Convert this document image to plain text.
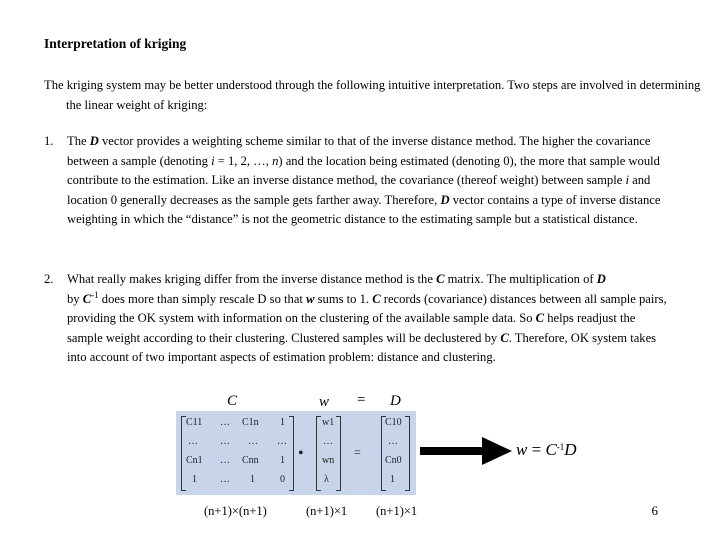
Interpretation of kriging
The kriging system may be better understood through the following intuitive interpretation. Two steps are involved in determining the linear weight of kriging:
1. The D vector provides a weighting scheme similar to that of the inverse distance method. The higher the covariance between a sample (denoting i = 1, 2, …, n) and the location being estimated (denoting 0), the more that sample would contribute to the estimation. Like an inverse distance method, the covariance (thereof weight) between sample i and location 0 generally decreases as the sample gets farther away. Therefore, D vector contains a type of inverse distance weighting in which the “distance” is not the geometric distance to the estimating sample but a statistical distance.
2. What really makes kriging differ from the inverse distance method is the C matrix. The multiplication of D
by $C^{-1}$ does more than simply rescale D so that w sums to 1. C records (covariance) distances between all sample pairs, providing the OK system with information on the clustering of the available sample data. So C helps readjust the sample weight according to their clustering. Clustered samples will be declustered by C. Therefore, OK system takes into account of two important aspects of estimation problem: distance and clustering.
C	w = D
C11 … C1n 1
… … … …
Cn1 … Cnn 1
1 … 1	0
•
w1
…
wn
λ
=
C10
…
Cn0
1
$w = C^{-1}D$
(n+1)×(n+1)	(n+1)×1 (n+1)×1	6
